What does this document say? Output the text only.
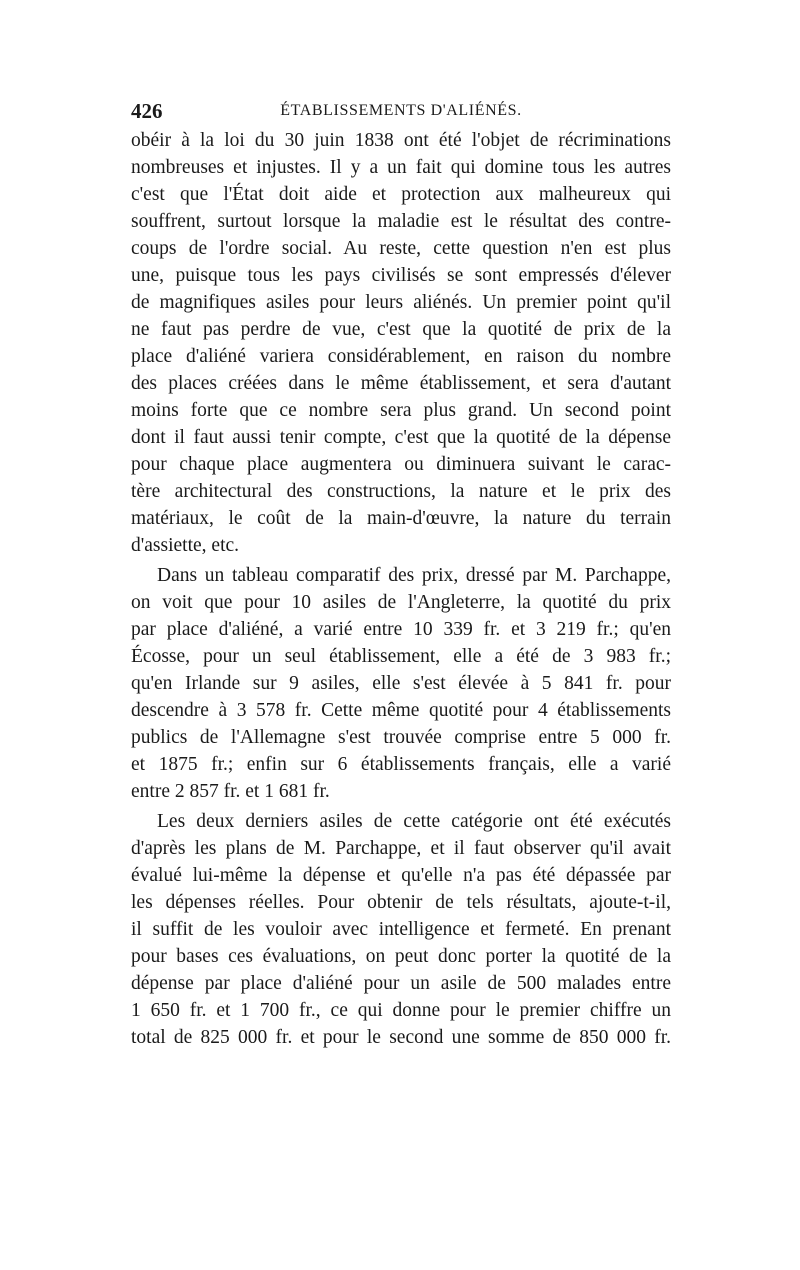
426	ÉTABLISSEMENTS D'ALIÉNÉS.
obéir à la loi du 30 juin 1838 ont été l'objet de récriminations
nombreuses et injustes. Il y a un fait qui domine tous les autres
c'est que l'État doit aide et protection aux malheureux qui
souffrent, surtout lorsque la maladie est le résultat des contre-
coups de l'ordre social. Au reste, cette question n'en est plus
une, puisque tous les pays civilisés se sont empressés d'élever
de magnifiques asiles pour leurs aliénés. Un premier point qu'il
ne faut pas perdre de vue, c'est que la quotité de prix de la
place d'aliéné variera considérablement, en raison du nombre
des places créées dans le même établissement, et sera d'autant
moins forte que ce nombre sera plus grand. Un second point
dont il faut aussi tenir compte, c'est que la quotité de la dépense
pour chaque place augmentera ou diminuera suivant le carac-
tère architectural des constructions, la nature et le prix des
matériaux, le coût de la main-d'œuvre, la nature du terrain
d'assiette, etc.
Dans un tableau comparatif des prix, dressé par M. Parchappe,
on voit que pour 10 asiles de l'Angleterre, la quotité du prix
par place d'aliéné, a varié entre 10 339 fr. et 3 219 fr.; qu'en
Écosse, pour un seul établissement, elle a été de 3 983 fr.;
qu'en Irlande sur 9 asiles, elle s'est élevée à 5 841 fr. pour
descendre à 3 578 fr. Cette même quotité pour 4 établissements
publics de l'Allemagne s'est trouvée comprise entre 5 000 fr.
et 1875 fr.; enfin sur 6 établissements français, elle a varié
entre 2 857 fr. et 1 681 fr.
Les deux derniers asiles de cette catégorie ont été exécutés
d'après les plans de M. Parchappe, et il faut observer qu'il avait
évalué lui-même la dépense et qu'elle n'a pas été dépassée par
les dépenses réelles. Pour obtenir de tels résultats, ajoute-t-il,
il suffit de les vouloir avec intelligence et fermeté. En prenant
pour bases ces évaluations, on peut donc porter la quotité de la
dépense par place d'aliéné pour un asile de 500 malades entre
1 650 fr. et 1 700 fr., ce qui donne pour le premier chiffre un
total de 825 000 fr. et pour le second une somme de 850 000 fr.
